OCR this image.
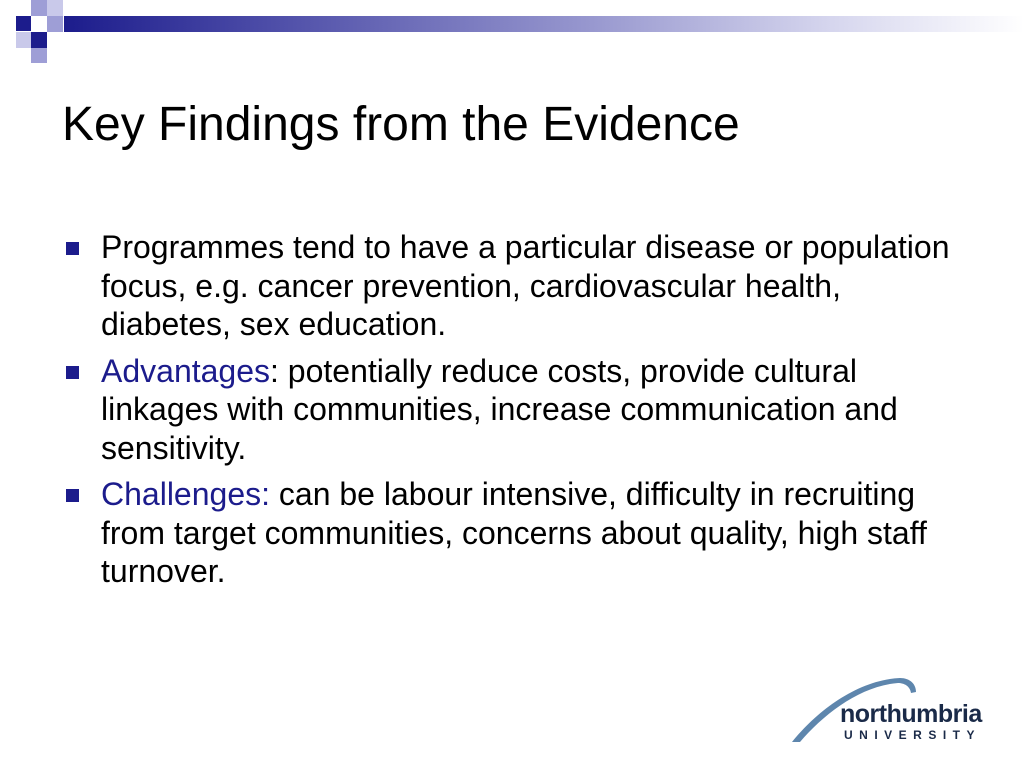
Key Findings from the Evidence
Programmes tend to have a particular disease or population focus, e.g. cancer prevention, cardiovascular health, diabetes, sex education.
Advantages: potentially reduce costs, provide cultural linkages with communities, increase communication and sensitivity.
Challenges: can be labour intensive, difficulty in recruiting from target communities, concerns about quality, high staff turnover.
northumbria
UNIVERSITY
